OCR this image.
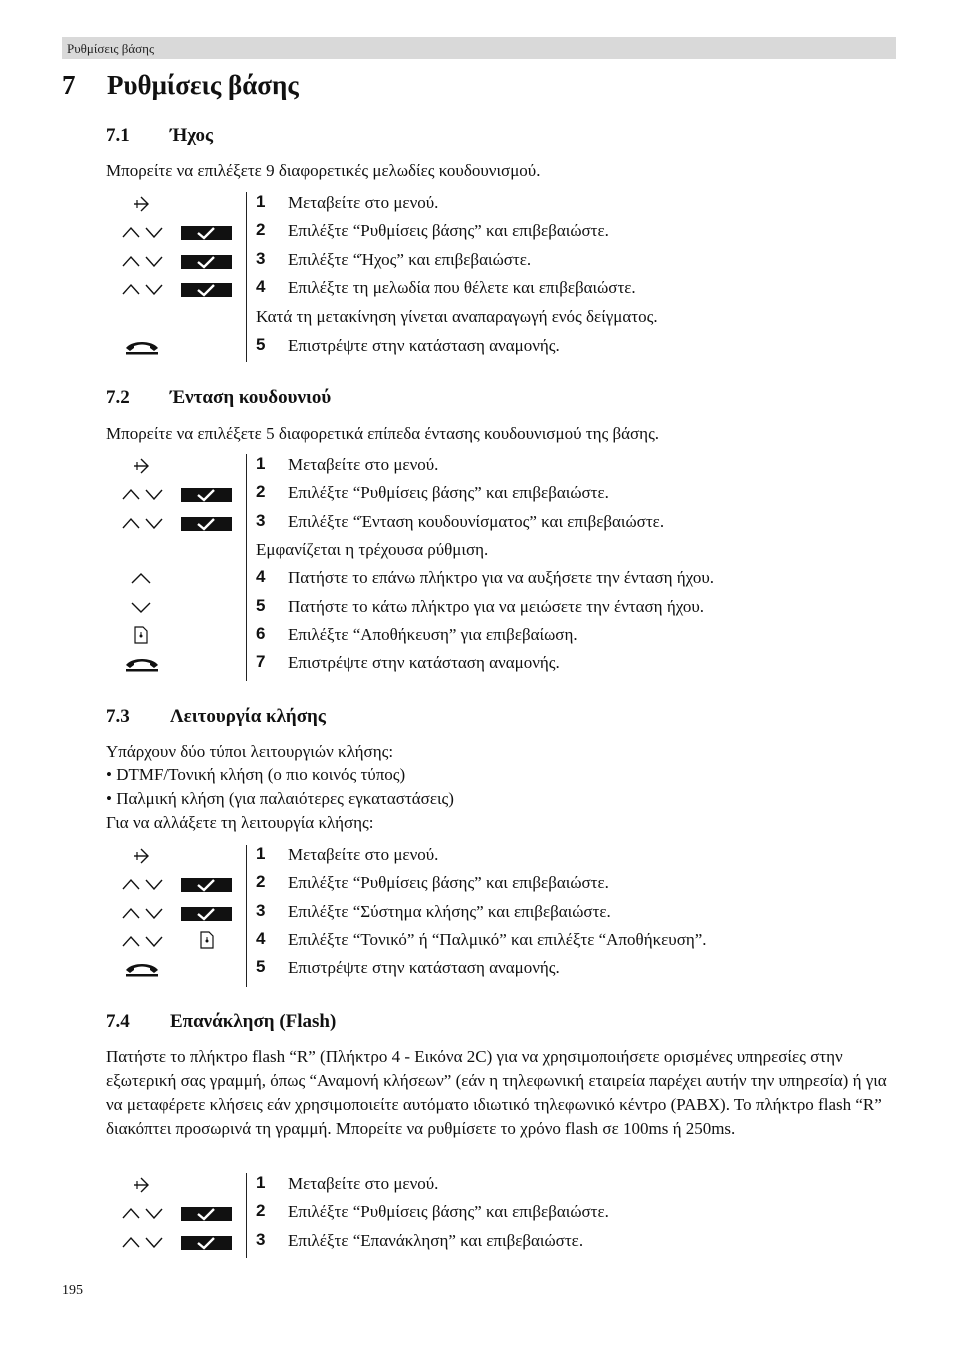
Ρυθμίσεις βάσης
7 Ρυθμίσεις βάσης
7.1 Ήχος
Μπορείτε να επιλέξετε 9 διαφορετικές μελωδίες κουδουνισμού.
1 Μεταβείτε στο μενού.
2 Επιλέξτε “Ρυθμίσεις βάσης” και επιβεβαιώστε.
3 Επιλέξτε “Ήχος” και επιβεβαιώστε.
4 Επιλέξτε τη μελωδία που θέλετε και επιβεβαιώστε.
Κατά τη μετακίνηση γίνεται αναπαραγωγή ενός δείγματος.
5 Επιστρέψτε στην κατάσταση αναμονής.
7.2 Ένταση κουδουνιού
Μπορείτε να επιλέξετε 5 διαφορετικά επίπεδα έντασης κουδουνισμού της βάσης.
1 Μεταβείτε στο μενού.
2 Επιλέξτε “Ρυθμίσεις βάσης” και επιβεβαιώστε.
3 Επιλέξτε “Ένταση κουδουνίσματος” και επιβεβαιώστε.
Εμφανίζεται η τρέχουσα ρύθμιση.
4 Πατήστε το επάνω πλήκτρο για να αυξήσετε την ένταση ήχου.
5 Πατήστε το κάτω πλήκτρο για να μειώσετε την ένταση ήχου.
6 Επιλέξτε “Αποθήκευση” για επιβεβαίωση.
7 Επιστρέψτε στην κατάσταση αναμονής.
7.3 Λειτουργία κλήσης
Υπάρχουν δύο τύποι λειτουργιών κλήσης:
• DTMF/Τονική κλήση (ο πιο κοινός τύπος)
• Παλμική κλήση (για παλαιότερες εγκαταστάσεις)
Για να αλλάξετε τη λειτουργία κλήσης:
1 Μεταβείτε στο μενού.
2 Επιλέξτε “Ρυθμίσεις βάσης” και επιβεβαιώστε.
3 Επιλέξτε “Σύστημα κλήσης” και επιβεβαιώστε.
4 Επιλέξτε “Τονικό” ή “Παλμικό” και επιλέξτε “Αποθήκευση”.
5 Επιστρέψτε στην κατάσταση αναμονής.
7.4 Επανάκληση (Flash)
Πατήστε το πλήκτρο flash “R” (Πλήκτρο 4 - Εικόνα 2C) για να χρησιμοποιήσετε ορισμένες υπηρεσίες στην εξωτερική σας γραμμή, όπως “Αναμονή κλήσεων” (εάν η τηλεφωνική εταιρεία παρέχει αυτήν την υπηρεσία) ή για να μεταφέρετε κλήσεις εάν χρησιμοποιείτε αυτόματο ιδιωτικό τηλεφωνικό κέντρο (PABX). Το πλήκτρο flash “R” διακόπτει προσωρινά τη γραμμή. Μπορείτε να ρυθμίσετε το χρόνο flash σε 100ms ή 250ms.
1 Μεταβείτε στο μενού.
2 Επιλέξτε “Ρυθμίσεις βάσης” και επιβεβαιώστε.
3 Επιλέξτε “Επανάκληση” και επιβεβαιώστε.
195
